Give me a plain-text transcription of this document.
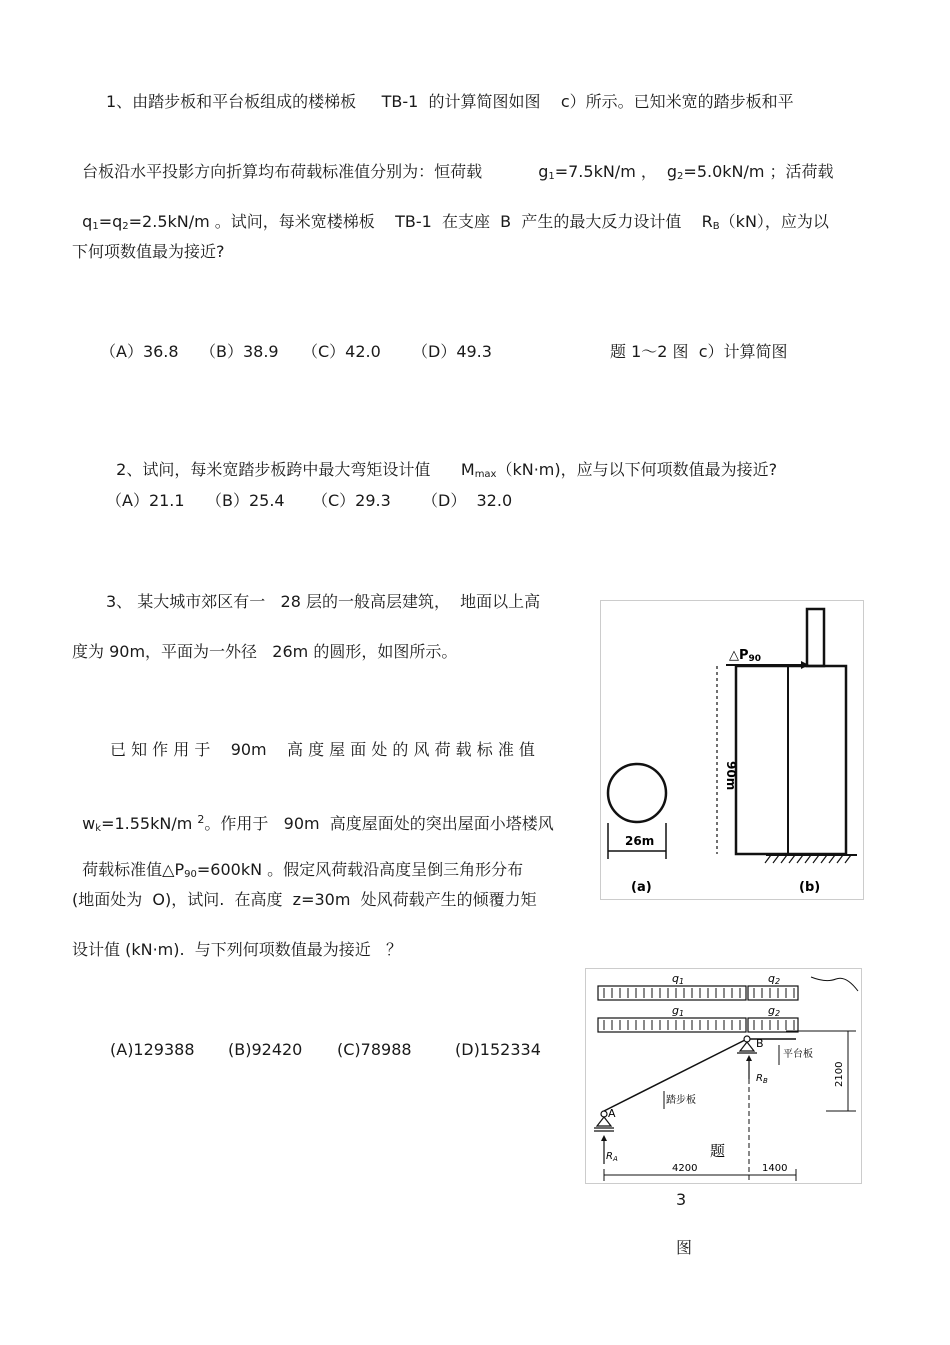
1、由踏步板和平台板组成的楼梯板     TB-1  的计算简图如图    c）所示。已知米宽的踏步板和平

台板沿水平投影方向折算均布荷载标准值分别为：恒荷载	$g_1=7.5kN/m$ ， $g_2=5.0kN/m$ ；活荷载

$q_1=q_2=2.5kN/m$ 。试问，每米宽楼梯板    TB-1  在支座  B  产生的最大反力设计值    $R_B(kN)$，应为以

下何项数值最为接近?
（A）36.8 （B）38.9 （C）42.0 （D）49.3	题 1～2 图  c）计算简图

2、试问，每米宽踏步板跨中最大弯矩设计值      $M_{max}(kN\cdot m)$，应与以下何项数值最为接近?

（A）21.1 （B）25.4 （C）29.3 （D）  32.0
3、 某大城市郊区有一   28 层的一般高层建筑，  地面以上高
度为 90m，平面为一外径   26m 的圆形，如图所示。
已 知 作 用 于    90m    高 度 屋 面 处 的 风 荷 载 标 准 值

$w_k=1.55kN/m$ $^2$。作用于   90m  高度屋面处的突出屋面小塔楼风

荷载标准值$\triangle P_{90}=600kN$ 。假定风荷载沿高度呈倒三角形分布

(地面处为  O)，试问.  在高度  z=30m  处风荷载产生的倾覆力矩
设计值 (kN·m).  与下列何项数值最为接近   ？
(A)129388 (B)92420 (C)78988	(D)152334
26m
△P90
90m
(a)	(b)
q1	q2
g1	g2
B
$R_B$
平台板
踏步板
A
$R_A$
2100
4200	1400
题
3
图
